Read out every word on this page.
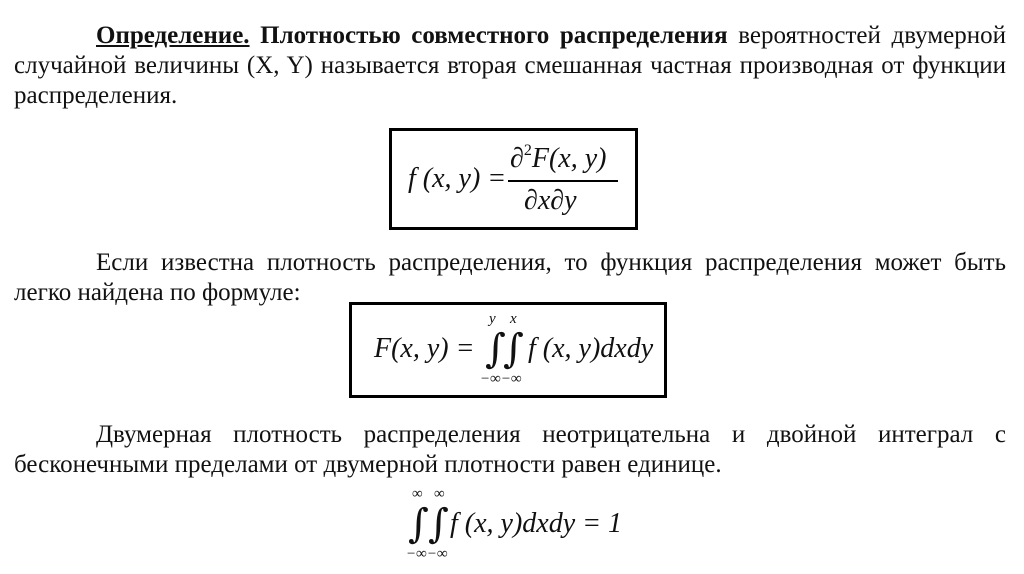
Определение. Плотностью совместного распределения вероятностей двумерной случайной величины (X, Y) называется вторая смешанная частная производная от функции распределения.

f (x, y) =
∂$^2$F(x, y)
∂x∂y

Если известна плотность распределения, то функция распределения может быть легко найдена по формуле:

F(x, y) = ∫
∫
y x
−∞−∞
f (x, y)dxdy

Двумерная плотность распределения неотрицательна и двойной интеграл с бесконечными пределами от двумерной плотности равен единице.

∫ ∫
∞ ∞
−∞−∞
f (x, y)dxdy = 1
